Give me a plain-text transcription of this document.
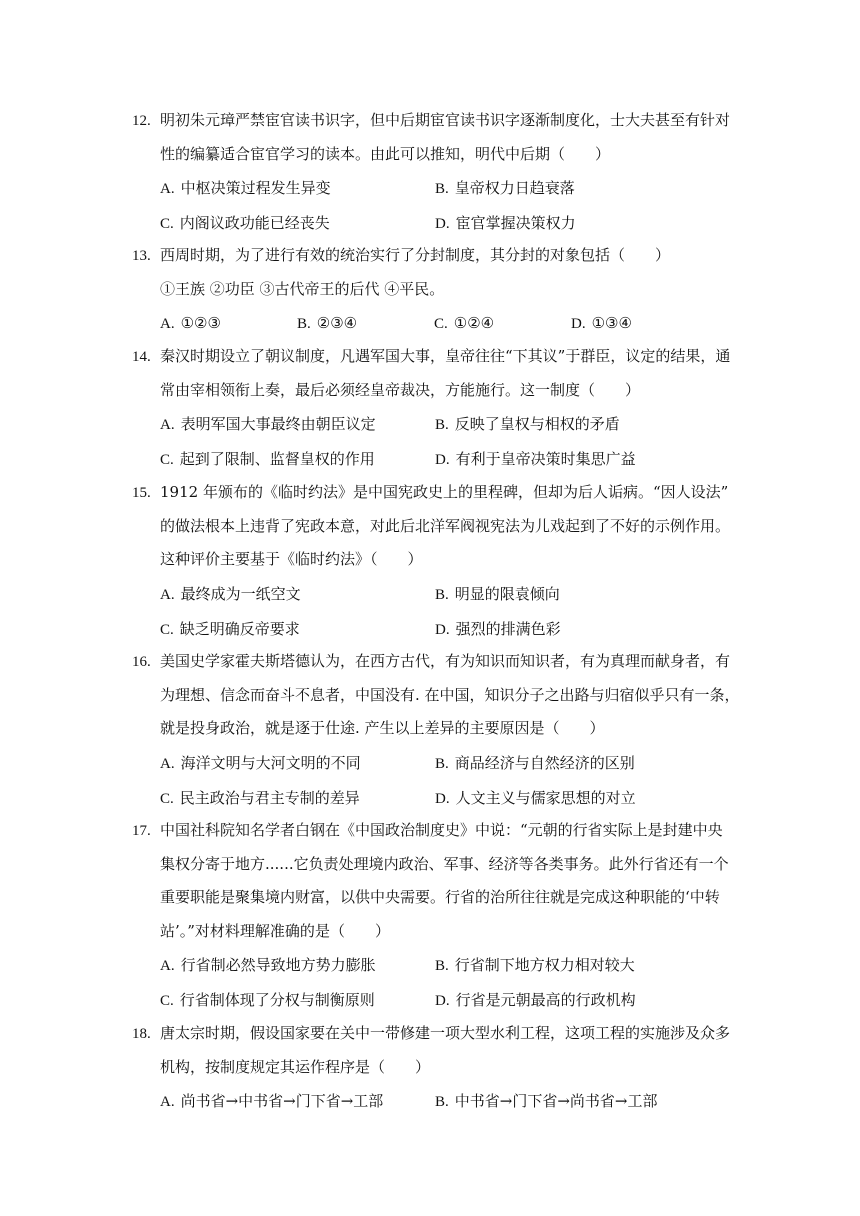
12. 明初朱元璋严禁宦官读书识字，但中后期宦官读书识字逐渐制度化，士大夫甚至有针对
性的编纂适合宦官学习的读本。由此可以推知，明代中后期（　　）
A. 中枢决策过程发生异变	B. 皇帝权力日趋衰落
C. 内阁议政功能已经丧失	D. 宦官掌握决策权力
13. 西周时期，为了进行有效的统治实行了分封制度，其分封的对象包括（　　）
①王族 ②功臣 ③古代帝王的后代 ④平民。
A. ①②③	B. ②③④	C. ①②④	D. ①③④
14. 秦汉时期设立了朝议制度，凡遇军国大事，皇帝往往“下其议”于群臣，议定的结果，通
常由宰相领衔上奏，最后必须经皇帝裁决，方能施行。这一制度（　　）
A. 表明军国大事最终由朝臣议定	B. 反映了皇权与相权的矛盾
C. 起到了限制、监督皇权的作用	D. 有利于皇帝决策时集思广益
15. 1912 年颁布的《临时约法》是中国宪政史上的里程碑，但却为后人诟病。“因人设法”
的做法根本上违背了宪政本意，对此后北洋军阀视宪法为儿戏起到了不好的示例作用。
这种评价主要基于《临时约法》（　　）
A. 最终成为一纸空文	B. 明显的限袁倾向
C. 缺乏明确反帝要求	D. 强烈的排满色彩
16. 美国史学家霍夫斯塔德认为，在西方古代，有为知识而知识者，有为真理而献身者，有
为理想、信念而奋斗不息者，中国没有. 在中国，知识分子之出路与归宿似乎只有一条，
就是投身政治，就是逐于仕途. 产生以上差异的主要原因是（　　）
A. 海洋文明与大河文明的不同	B. 商品经济与自然经济的区别
C. 民主政治与君主专制的差异	D. 人文主义与儒家思想的对立
17. 中国社科院知名学者白钢在《中国政治制度史》中说：“元朝的行省实际上是封建中央
集权分寄于地方......它负责处理境内政治、军事、经济等各类事务。此外行省还有一个
重要职能是聚集境内财富，以供中央需要。行省的治所往往就是完成这种职能的‘中转
站’。”对材料理解准确的是（　　）
A. 行省制必然导致地方势力膨胀	B. 行省制下地方权力相对较大
C. 行省制体现了分权与制衡原则	D. 行省是元朝最高的行政机构
18. 唐太宗时期，假设国家要在关中一带修建一项大型水利工程，这项工程的实施涉及众多
机构，按制度规定其运作程序是（　　）
A. 尚书省→中书省→门下省→工部	B. 中书省→门下省→尚书省→工部
